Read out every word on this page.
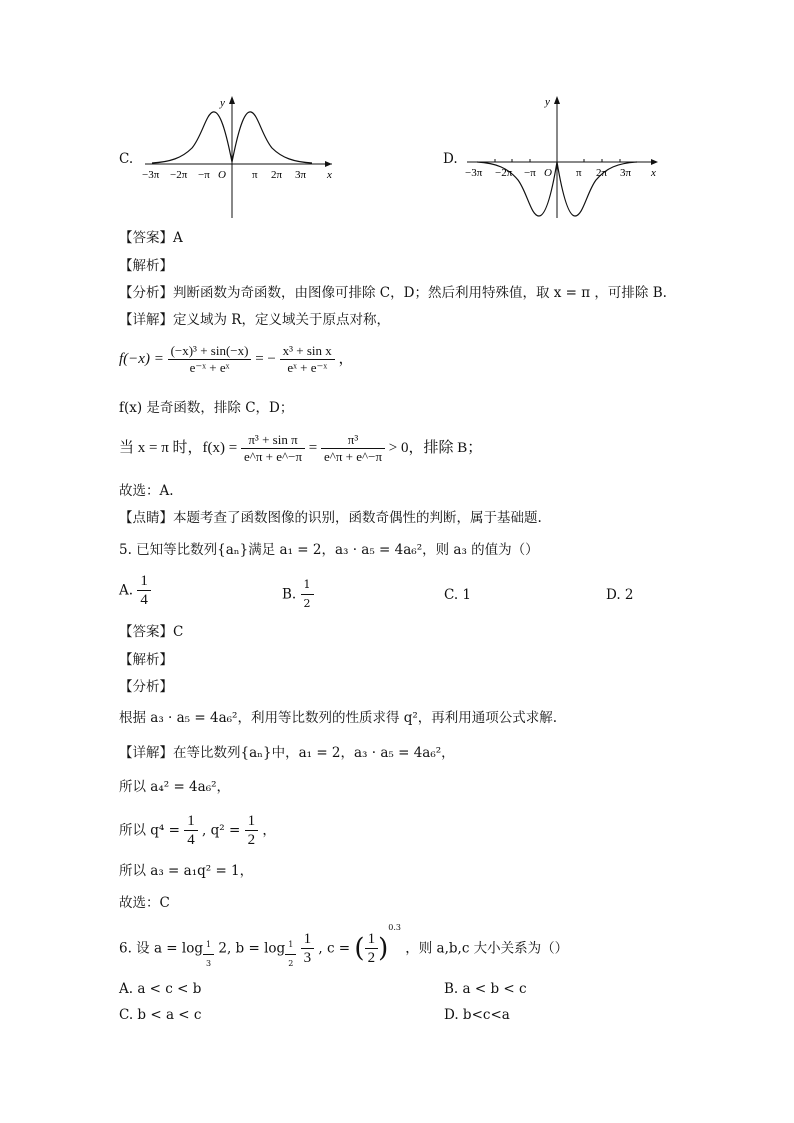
C.
y
x
O
−3π −2π −π	π 2π 3π
D.
y
x
O
−3π −2π −π	π 2π 3π
【答案】A
【解析】
【分析】判断函数为奇函数，由图像可排除 C，D；然后利用特殊值，取 x = π ，可排除 B.
【详解】定义域为 R，定义域关于原点对称，
$f(-x) = \frac{\text{(−x)³ + sin(−x)}}{\text{e⁻ˣ + eˣ}}$ = − $\frac{\text{x³ + sin x}}{\text{eˣ + e⁻ˣ}}$ ，
f(x) 是奇函数，排除 C，D；
当 x = π 时，$f(x) = \frac{\text{π³ + sin π}}{e\^{}\pi + e\^{}-\pi} = \frac{\text{π³}}{e\^{}\pi + e\^{}-\pi} > 0$，排除 B；
故选：A.
【点睛】本题考查了函数图像的识别，函数奇偶性的判断，属于基础题.
5. 已知等比数列{aₙ}满足 a₁ = 2，a₃ · a₅ = 4a₆²，则 a₃ 的值为（）
A. $\frac{1}{4}$	B. $\frac{1}{2}$	C. 1	D. 2
【答案】C
【解析】
【分析】
根据 a₃ · a₅ = 4a₆²，利用等比数列的性质求得 q²，再利用通项公式求解.
【详解】在等比数列{aₙ}中，a₁ = 2，a₃ · a₅ = 4a₆²，
所以 a₄² = 4a₆²，
所以 $q^4 = \frac{1}{4}$ , $q^2 = \frac{1}{2}$ ，
所以 a₃ = a₁q² = 1，
故选：C
6. 设 $a = \log \frac{1}{3} 2$, $b = \log \frac{1}{2}$
$\frac{1}{3}$ , c = ( $\frac{1}{2} )^{0.3}$ ，则 a,b,c 大小关系为（）
A. a < c < b	B. a < b < c
C. b < a < c	D. b<c<a
